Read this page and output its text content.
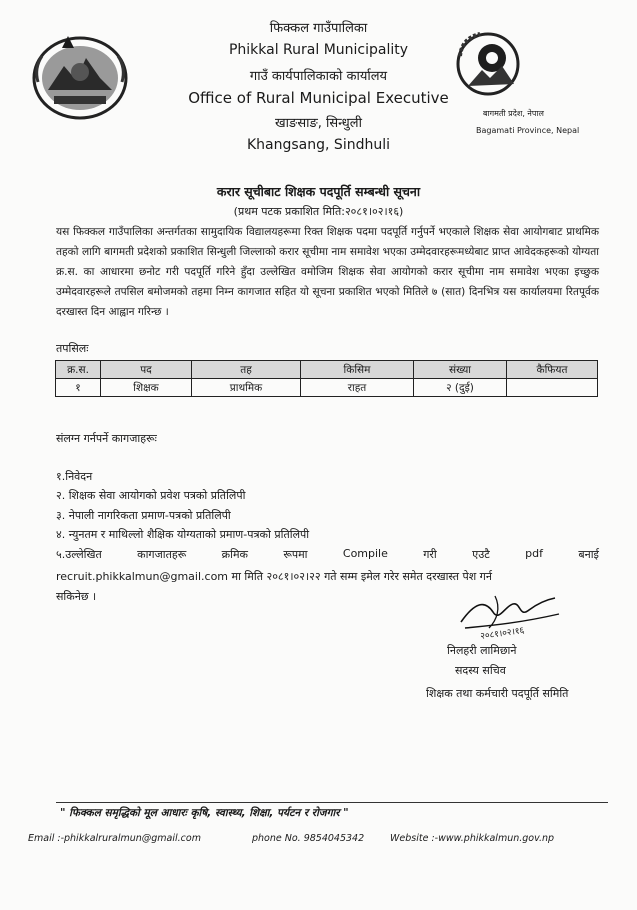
फिक्कल गाउँपालिका
Phikkal Rural Municipality
गाउँ कार्यपालिकाको कार्यालय
Office of Rural Municipal Executive
खाङसाङ, सिन्धुली
Khangsang, Sindhuli
बागमती प्रदेश, नेपाल
Bagamati Province, Nepal
करार सूचीबाट शिक्षक पदपूर्ति सम्बन्धी सूचना
(प्रथम पटक प्रकाशित मिति:२०८१।०२।१६)
यस फिक्कल गाउँपालिका अन्तर्गतका सामुदायिक विद्यालयहरूमा रिक्त शिक्षक पदमा पदपूर्ति गर्नुपर्ने भएकाले शिक्षक सेवा आयोगबाट प्राथमिक तहको लागि बागमती प्रदेशको प्रकाशित सिन्धुली जिल्लाको करार सूचीमा नाम समावेश भएका उम्मेदवारहरूमध्येबाट प्राप्त आवेदकहरूको योग्यता क्र.स. का आधारमा छनोट गरी पदपूर्ति गरिने हुँदा उल्लेखित वमोजिम शिक्षक सेवा आयोगको करार सूचीमा नाम समावेश भएका इच्छुक उम्मेदवारहरूले तपसिल बमोजमको तहमा निम्न कागजात सहित यो सूचना प्रकाशित भएको मितिले ७ (सात) दिनभित्र यस कार्यालयमा रितपूर्वक दरखास्त दिन आह्वान गरिन्छ ।
तपसिलः
क्र.स.	पद	तह	किसिम	संख्या	कैफियत
१	शिक्षक	प्राथमिक	राहत	२ (दुई)	
संलग्न गर्नपर्ने कागजाहरूः
१.निवेदन
२. शिक्षक सेवा आयोगको प्रवेश पत्रको प्रतिलिपी
३. नेपाली नागरिकता प्रमाण-पत्रको प्रतिलिपी
४. न्युनतम र माथिल्लो शैक्षिक योग्यताको प्रमाण-पत्रको प्रतिलिपी
५.उल्लेखित	कागजातहरू	क्रमिक	रूपमा	Compile	गरी	एउटै	pdf	बनाई
recruit.phikkalmun@gmail.com मा मिति २०८१।०२।२२ गते सम्म इमेल गरेर समेत दरखास्त पेश गर्न
सकिनेछ ।
२०८१।०२।१६
निलहरी लामिछाने
सदस्य सचिव
शिक्षक तथा कर्मचारी पदपूर्ति समिति
" फिक्कल समृद्धिको मूल आधारः कृषि, स्वास्थ्य, शिक्षा, पर्यटन र रोजगार "
Email :-phikkalruralmun@gmail.com	phone No. 9854045342	Website :-www.phikkalmun.gov.np
